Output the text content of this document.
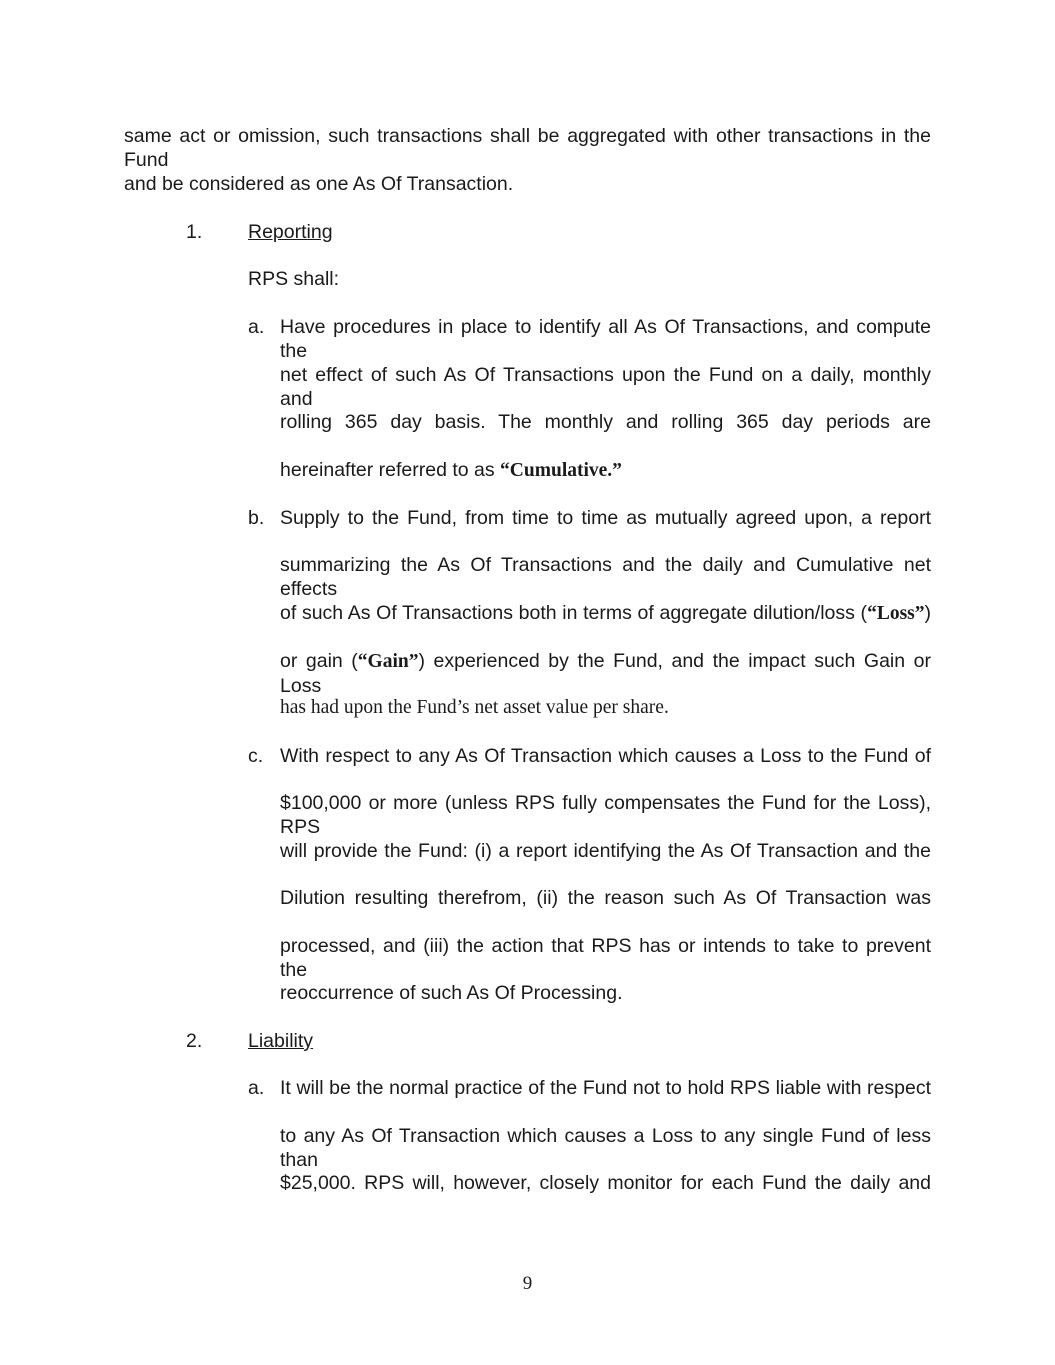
same act or omission, such transactions shall be aggregated with other transactions in the Fund
and be considered as one As Of Transaction.
1. Reporting
RPS shall:
a. Have procedures in place to identify all As Of Transactions, and compute the
net effect of such As Of Transactions upon the Fund on a daily, monthly and
rolling 365 day basis. The monthly and rolling 365 day periods are
hereinafter referred to as “Cumulative.”
b. Supply to the Fund, from time to time as mutually agreed upon, a report
summarizing the As Of Transactions and the daily and Cumulative net effects
of such As Of Transactions both in terms of aggregate dilution/loss (“Loss”)
or gain (“Gain”) experienced by the Fund, and the impact such Gain or Loss
has had upon the Fund’s net asset value per share.
c. With respect to any As Of Transaction which causes a Loss to the Fund of
$100,000 or more (unless RPS fully compensates the Fund for the Loss), RPS
will provide the Fund: (i) a report identifying the As Of Transaction and the
Dilution resulting therefrom, (ii) the reason such As Of Transaction was
processed, and (iii) the action that RPS has or intends to take to prevent the
reoccurrence of such As Of Processing.
2. Liability
a. It will be the normal practice of the Fund not to hold RPS liable with respect
to any As Of Transaction which causes a Loss to any single Fund of less than
$25,000. RPS will, however, closely monitor for each Fund the daily and
9
